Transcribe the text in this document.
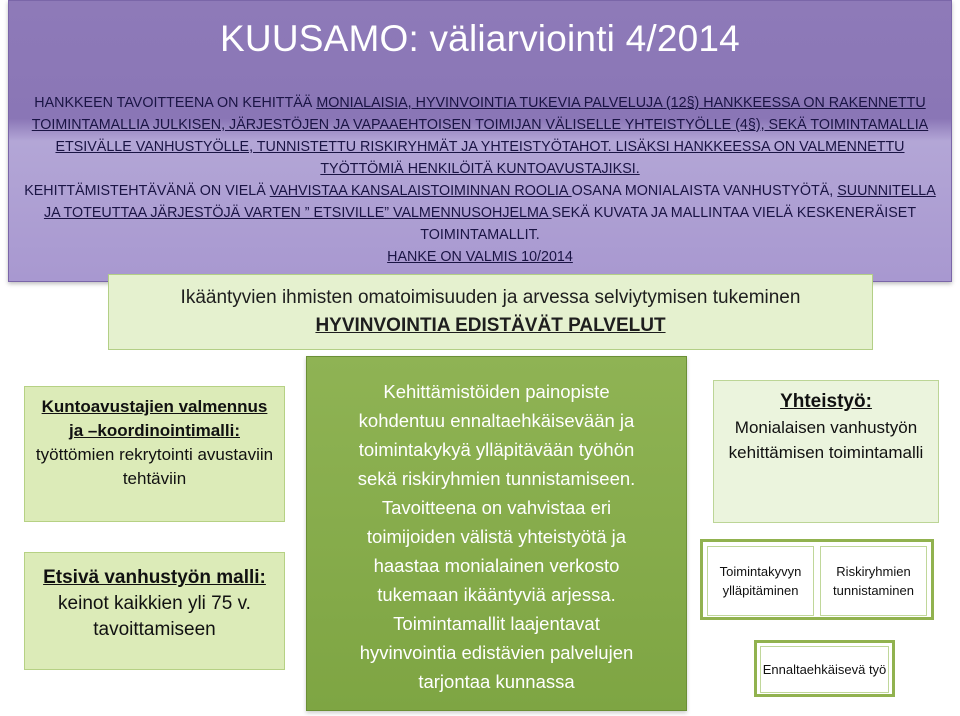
KUUSAMO: väliarviointi 4/2014

HANKKEEN TAVOITTEENA ON KEHITTÄÄ MONIALAISIA, HYVINVOINTIA TUKEVIA PALVELUJA (12§) HANKKEESSA ON RAKENNETTU TOIMINTAMALLIA JULKISEN, JÄRJESTÖJEN JA VAPAAEHTOISEN TOIMIJAN VÄLISELLE YHTEISTYÖLLE (4§), SEKÄ TOIMINTAMALLIA ETSIVÄLLE VANHUSTYÖLLE, TUNNISTETTU RISKIRYHMÄT JA YHTEISTYÖTAHOT. LISÄKSI HANKKEESSA ON VALMENNETTU TYÖTTÖMIÄ HENKILÖITÄ KUNTOAVUSTAJIKSI.

KEHITTÄMISTEHTÄVÄNÄ ON VIELÄ VAHVISTAA KANSALAISTOIMINNAN ROOLIA OSANA MONIALAISTA VANHUSTYÖTÄ, SUUNNITELLA JA TOTEUTTAA JÄRJESTÖJÄ VARTEN ” ETSIVILLE” VALMENNUSOHJELMA SEKÄ KUVATA JA MALLINTAA VIELÄ KESKENERÄISET TOIMINTAMALLIT.

HANKE ON VALMIS 10/2014

Ikääntyvien ihmisten omatoimisuuden ja arvessa selviytymisen tukeminen
HYVINVOINTIA EDISTÄVÄT PALVELUT
Kuntoavustajien valmennus
ja –koordinointimalli:
työttömien rekrytointi avustaviin tehtäviin
Etsivä vanhustyön malli:
keinot kaikkien yli 75 v.
tavoittamiseen

Kehittämistöiden painopiste

kohdentuu ennaltaehkäisevään ja

toimintakykyä ylläpitävään työhön

sekä riskiryhmien tunnistamiseen.

Tavoitteena on vahvistaa eri

toimijoiden välistä yhteistyötä ja

haastaa monialainen verkosto

tukemaan ikääntyviä arjessa.

Toimintamallit laajentavat

hyvinvointia edistävien palvelujen

tarjontaa kunnassa

Yhteistyö:
Monialaisen vanhustyön kehittämisen toimintamalli
Toimintakyvyn ylläpitäminen
Riskiryhmien tunnistaminen
Ennaltaehkäisevä työ
